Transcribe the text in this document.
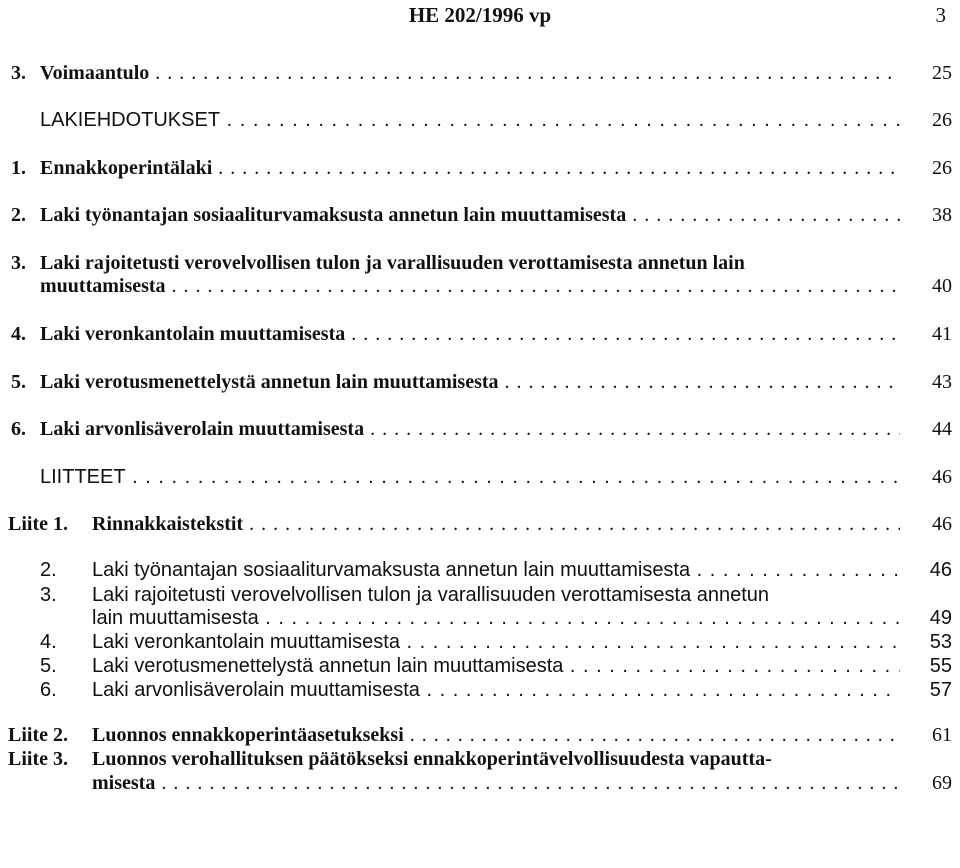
HE 202/1996 vp	3
3. Voimaantulo . . .	25
LAKIEHDOTUKSET . . .	26
1. Ennakkoperintälaki . . .	26
2. Laki työnantajan sosiaaliturvamaksusta annetun lain muuttamisesta . . .	38
3. Laki rajoitetusti verovelvollisen tulon ja varallisuuden verottamisesta annetun lain
muuttamisesta . . .	40
4. Laki veronkantolain muuttamisesta . . .	41
5. Laki verotusmenettelystä annetun lain muuttamisesta . . .	43
6. Laki arvonlisäverolain muuttamisesta . . .	44
LIITTEET . . .	46
Liite 1. Rinnakkaistekstit . . .	46
2. Laki työnantajan sosiaaliturvamaksusta annetun lain muuttamisesta . . .	46
3. Laki rajoitetusti verovelvollisen tulon ja varallisuuden verottamisesta annetun
lain muuttamisesta . . .	49
4. Laki veronkantolain muuttamisesta . . .	53
5. Laki verotusmenettelystä annetun lain muuttamisesta . . .	55
6. Laki arvonlisäverolain muuttamisesta . . .	57
Liite 2. Luonnos ennakkoperintäasetukseksi . . .	61
Liite 3. Luonnos verohallituksen päätökseksi ennakkoperintävelvollisuudesta vapautta-
misesta . . .	69
